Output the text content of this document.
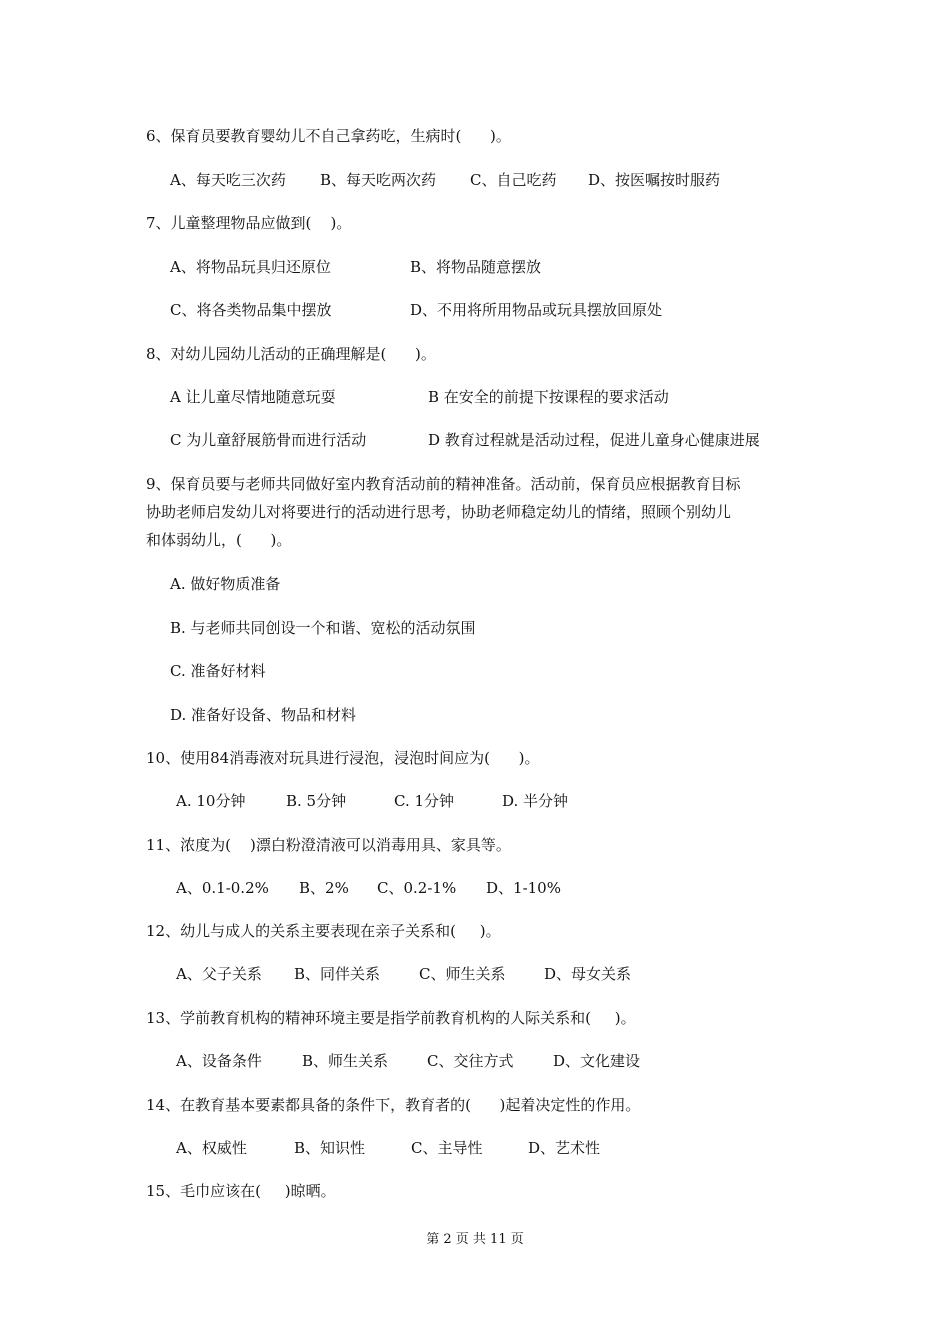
6、保育员要教育婴幼儿不自己拿药吃，生病时(      )。

A、每天吃三次药

B、每天吃两次药

C、自己吃药

D、按医嘱按时服药

7、儿童整理物品应做到(    )。

A、将物品玩具归还原位

	B、将物品随意摆放

C、将各类物品集中摆放

	D、不用将所用物品或玩具摆放回原处

8、对幼儿园幼儿活动的正确理解是(      )。

A 让儿童尽情地随意玩耍

	B 在安全的前提下按课程的要求活动

C 为儿童舒展筋骨而进行活动

	D 教育过程就是活动过程，促进儿童身心健康进展

9、保育员要与老师共同做好室内教育活动前的精神准备。活动前，保育员应根据教育目标
协助老师启发幼儿对将要进行的活动进行思考，协助老师稳定幼儿的情绪，照顾个别幼儿
和体弱幼儿，(      )。
A. 做好物质准备
B. 与老师共同创设一个和谐、宽松的活动氛围
C. 准备好材料
D. 准备好设备、物品和材料
10、使用84消毒液对玩具进行浸泡，浸泡时间应为(      )。

A. 10分钟

	B. 5分钟

	C. 1分钟

	D. 半分钟

11、浓度为(    )漂白粉澄清液可以消毒用具、家具等。

A、0.1-0.2%

B、2%

C、0.2-1%

D、1-10%

12、幼儿与成人的关系主要表现在亲子关系和(     )。

A、父子关系

B、同伴关系

	C、师生关系

	D、母女关系

13、学前教育机构的精神环境主要是指学前教育机构的人际关系和(     )。

A、设备条件

	B、师生关系

	C、交往方式

	D、文化建设

14、在教育基本要素都具备的条件下，教育者的(      )起着决定性的作用。

A、权威性

	B、知识性

	C、主导性

	D、艺术性

15、毛巾应该在(     )晾晒。
第 2 页 共 11 页
